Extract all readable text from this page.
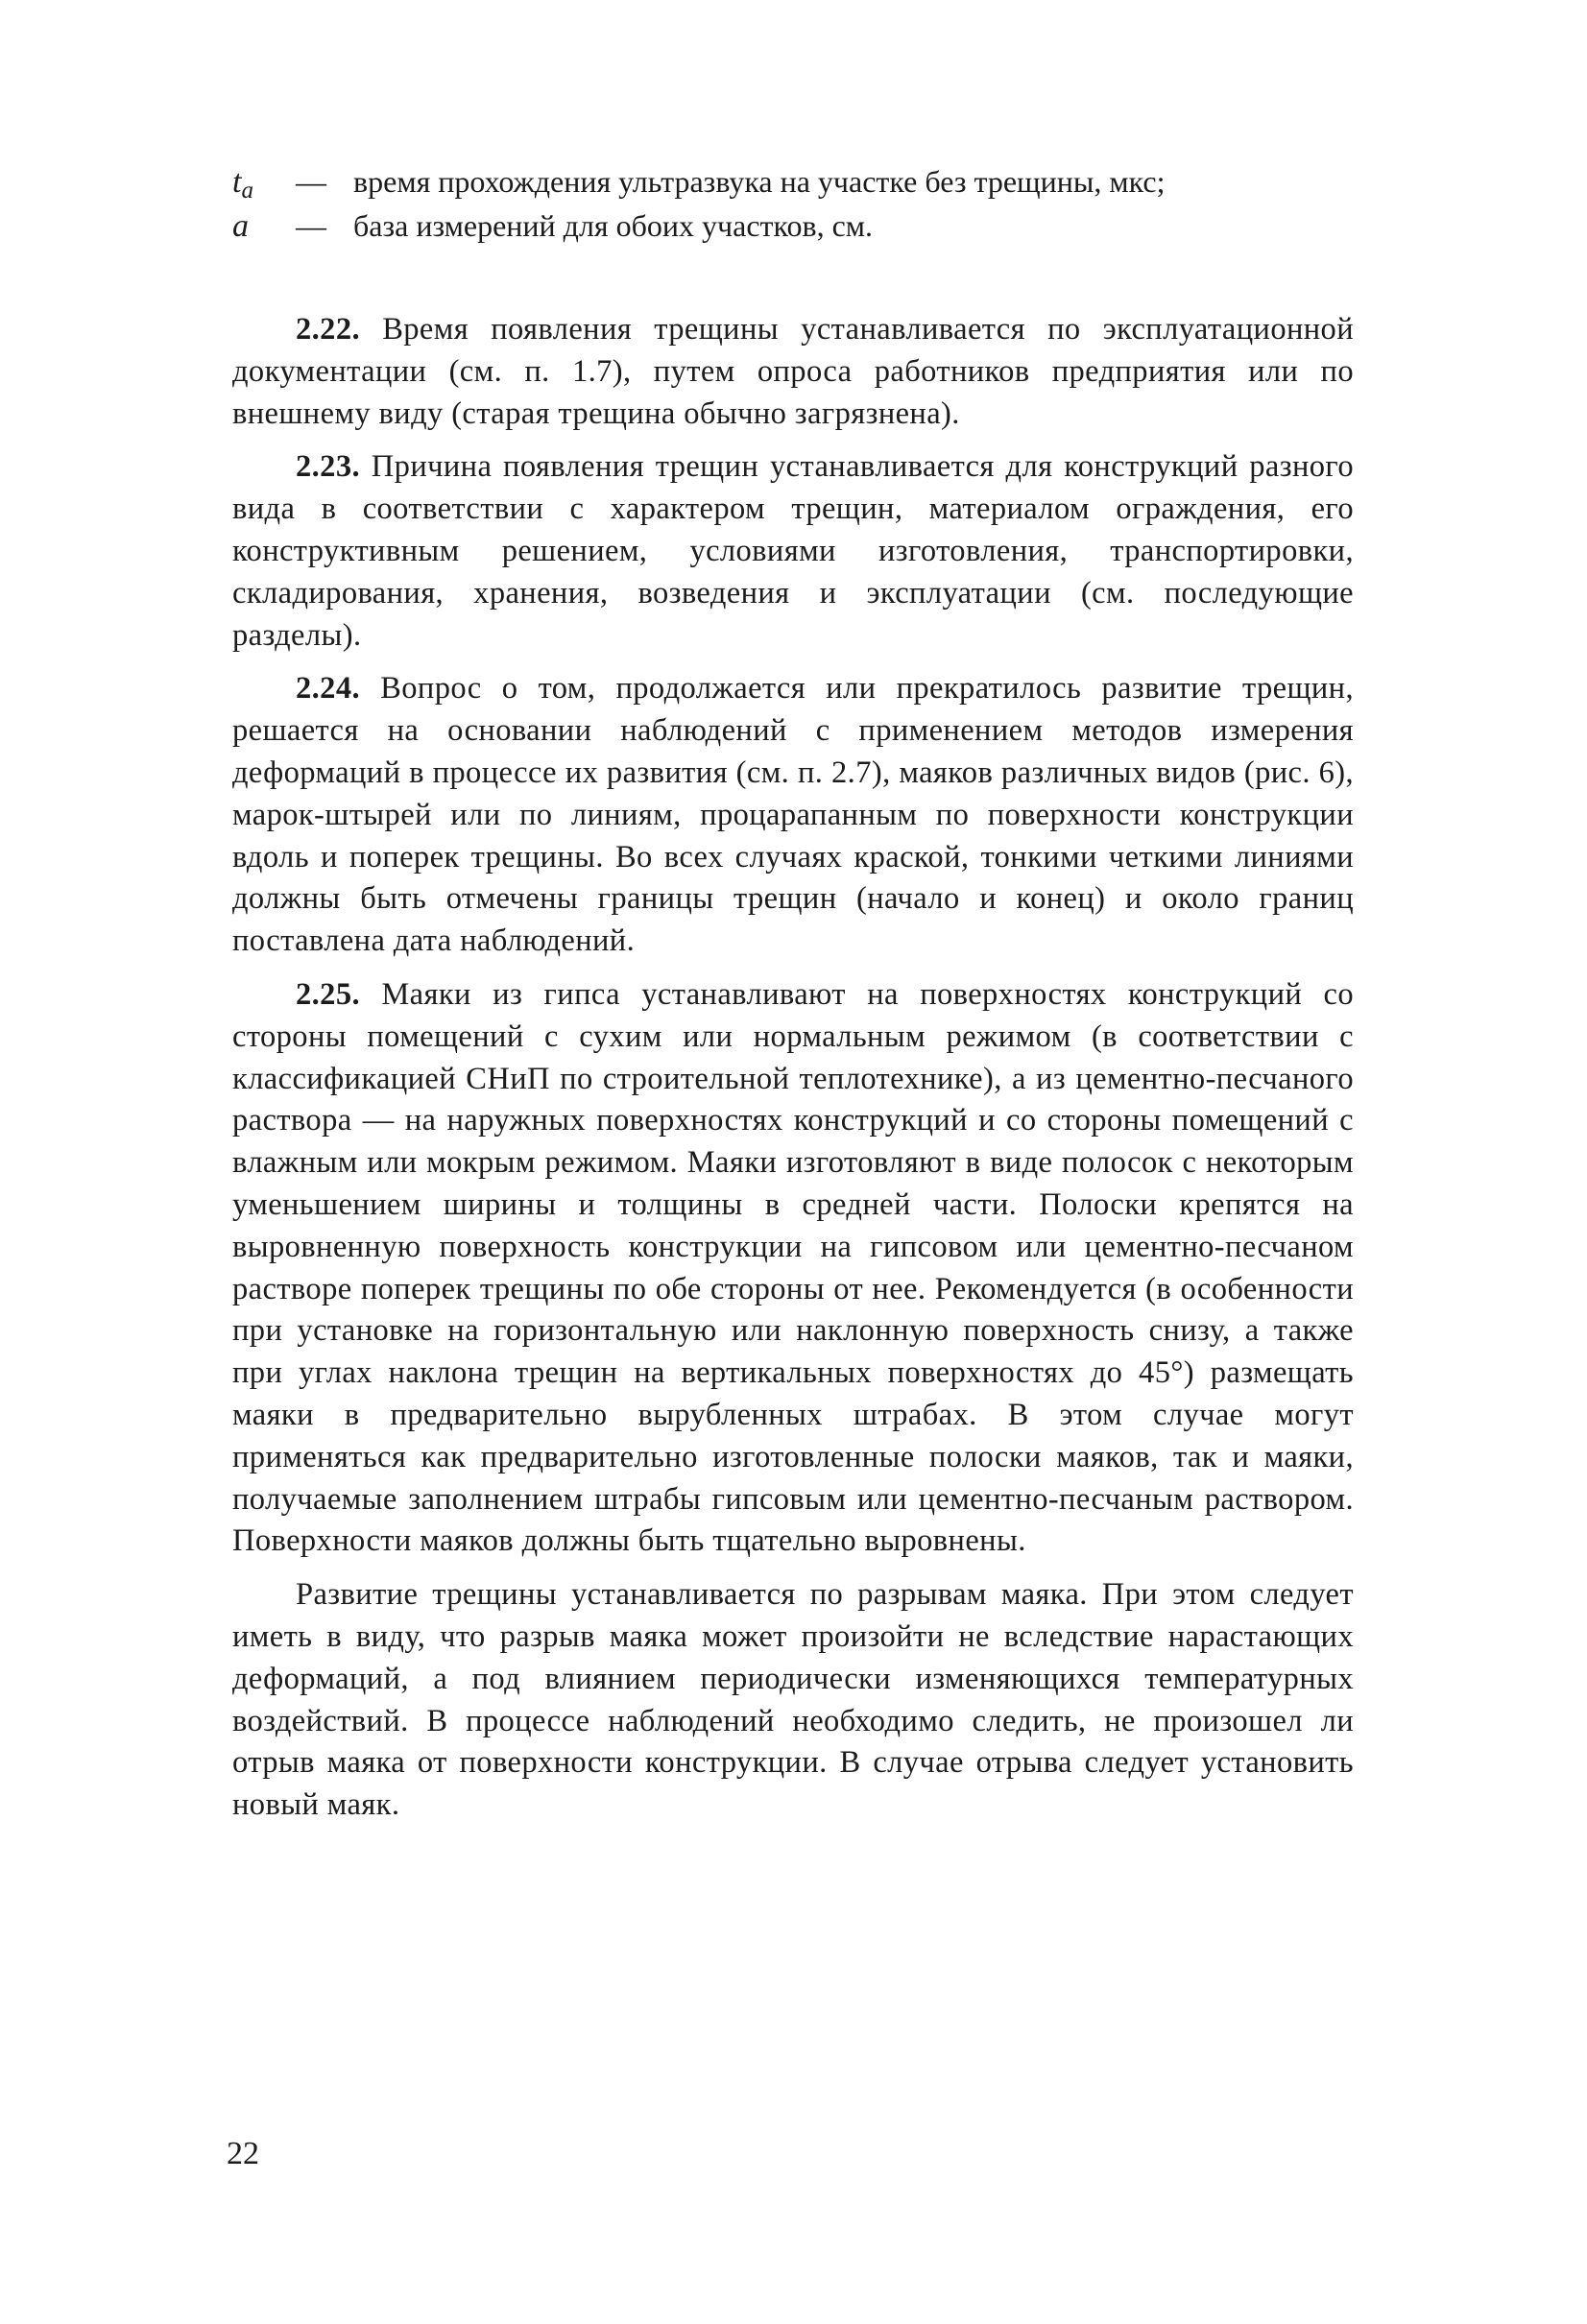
$t_a$	— время прохождения ультразвука на участке без трещины, мкс;
a	— база измерений для обоих участков, см.

2.22. Время появления трещины устанавливается по эксплуатационной документации (см. п. 1.7), путем опроса работников предприятия или по внешнему виду (старая трещина обычно загрязнена).

2.23. Причина появления трещин устанавливается для конструкций разного вида в соответствии с характером трещин, материалом ограждения, его конструктивным решением, условиями изготовления, транспортировки, складирования, хранения, возведения и эксплуатации (см. последующие разделы).

2.24. Вопрос о том, продолжается или прекратилось развитие трещин, решается на основании наблюдений с применением методов измерения деформаций в процессе их развития (см. п. 2.7), маяков различных видов (рис. 6), марок-штырей или по линиям, процарапанным по поверхности конструкции вдоль и поперек трещины. Во всех случаях краской, тонкими четкими линиями должны быть отмечены границы трещин (начало и конец) и около границ поставлена дата наблюдений.

2.25. Маяки из гипса устанавливают на поверхностях конструкций со стороны помещений с сухим или нормальным режимом (в соответствии с классификацией СНиП по строительной теплотехнике), а из цементно-песчаного раствора — на наружных поверхностях конструкций и со стороны помещений с влажным или мокрым режимом. Маяки изготовляют в виде полосок с некоторым уменьшением ширины и толщины в средней части. Полоски крепятся на выровненную поверхность конструкции на гипсовом или цементно-песчаном растворе поперек трещины по обе стороны от нее. Рекомендуется (в особенности при установке на горизонтальную или наклонную поверхность снизу, а также при углах наклона трещин на вертикальных поверхностях до 45°) размещать маяки в предварительно вырубленных штрабах. В этом случае могут применяться как предварительно изготовленные полоски маяков, так и маяки, получаемые заполнением штрабы гипсовым или цементно-песчаным раствором. Поверхности маяков должны быть тщательно выровнены.

Развитие трещины устанавливается по разрывам маяка. При этом следует иметь в виду, что разрыв маяка может произойти не вследствие нарастающих деформаций, а под влиянием периодически изменяющихся температурных воздействий. В процессе наблюдений необходимо следить, не произошел ли отрыв маяка от поверхности конструкции. В случае отрыва следует установить новый маяк.

22
